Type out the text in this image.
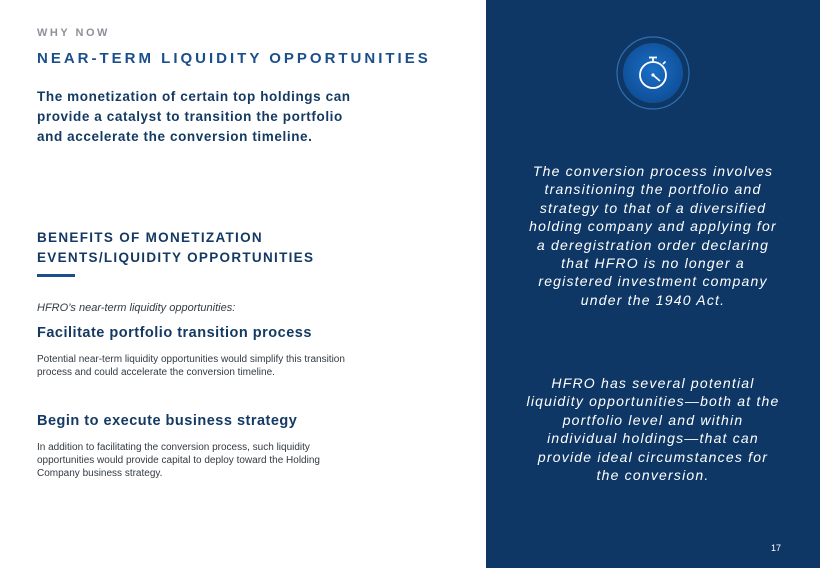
WHY NOW
NEAR-TERM LIQUIDITY OPPORTUNITIES
The monetization of certain top holdings can provide a catalyst to transition the portfolio and accelerate the conversion timeline.
BENEFITS OF MONETIZATION EVENTS/LIQUIDITY OPPORTUNITIES
HFRO’s near-term liquidity opportunities:
Facilitate portfolio transition process
Potential near-term liquidity opportunities would simplify this transition process and could accelerate the conversion timeline.
Begin to execute business strategy
In addition to facilitating the conversion process, such liquidity opportunities would provide capital to deploy toward the Holding Company business strategy.
The conversion process involves transitioning the portfolio and strategy to that of a diversified holding company and applying for a deregistration order declaring that HFRO is no longer a registered investment company under the 1940 Act.
HFRO has several potential liquidity opportunities—both at the portfolio level and within individual holdings—that can provide ideal circumstances for the conversion.
17
